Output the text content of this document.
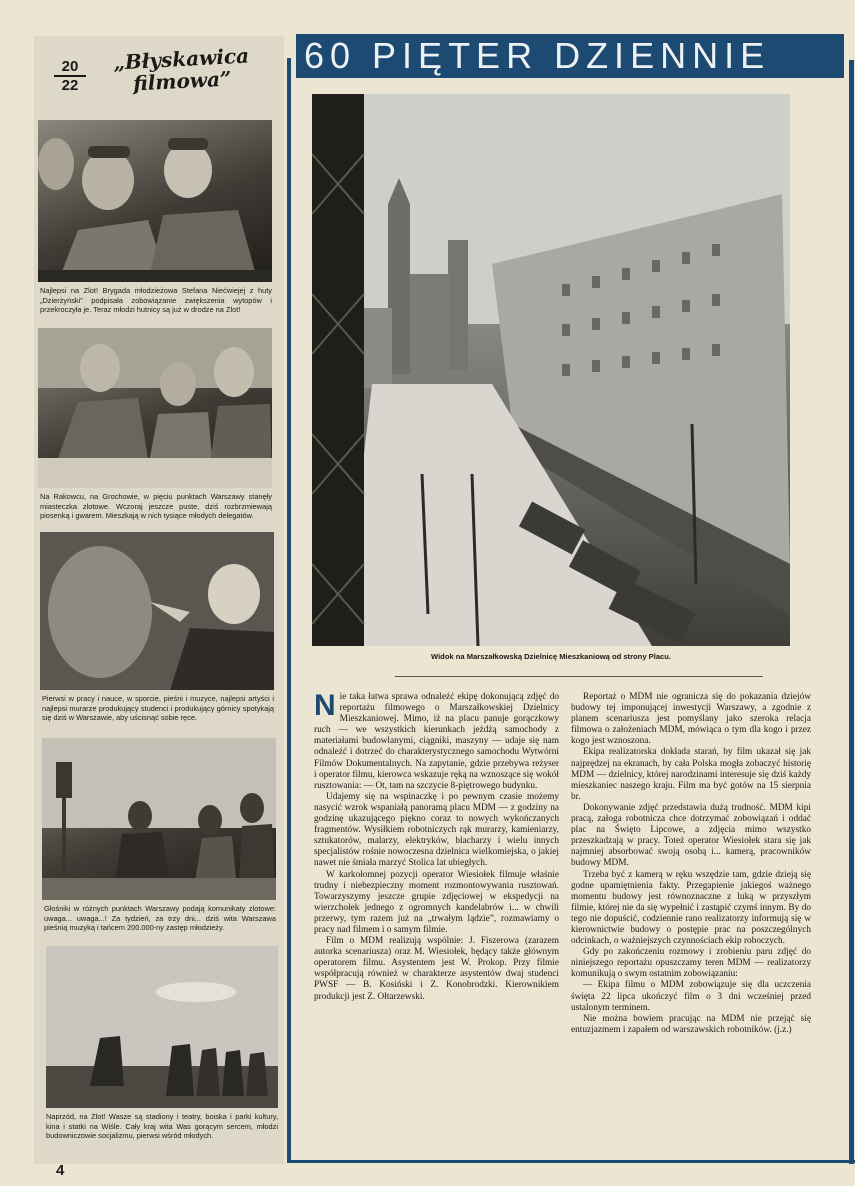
20
22
„Błyskawica filmowa”
Najlepsi na Zlot! Brygada młodzieżowa Stefana Niećwiejej z huty „Dzierżyński” podpisała zobowiązanie zwiększenia wytopów i przekroczyła je. Teraz młodzi hutnicy są już w drodze na Zlot!
Na Rakowcu, na Grochowie, w pięciu punktach Warszawy stanęły miasteczka zlotowe. Wczoraj jeszcze puste, dziś rozbrzmiewają piosenką i gwarem. Mieszkają w nich tysiące młodych delegatów.
Pierwsi w pracy i nauce, w sporcie, pieśni i muzyce, najlepsi artyści i najlepsi murarze produkujący studenci i produkujący górnicy spotykają się dziś w Warszawie, aby uścisnąć sobie ręce.
Głośniki w różnych punktach Warszawy podają komunikaty zlotowe: uwaga... uwaga...! Za tydzień, za trzy dni... dziś wita Warszawa pieśnią muzyką i tańcem 200.000-ny zastęp młodzieży.
Naprzód, na Zlot! Wasze są stadiony i teatry, boiska i parki kultury, kina i statki na Wiśle. Cały kraj wita Was gorącym sercem, młodzi budowniczowie socjalizmu, pierwsi wśród młodych.
60 PIĘTER DZIENNIE
Widok na Marszałkowską Dzielnicę Mieszkaniową od strony Placu.

Nie taka łatwa sprawa odnaleźć ekipę dokonującą zdjęć do reportażu filmowego o Marszałkowskiej Dzielnicy Mieszkaniowej. Mimo, iż na placu panuje gorączkowy ruch — we wszystkich kierunkach jeżdżą samochody z materiałami budowlanymi, ciągniki, maszyny — udaje się nam odnaleźć i dotrzeć do charakterystycznego samochodu Wytwórni Filmów Dokumentalnych. Na zapytanie, gdzie przebywa reżyser i operator filmu, kierowca wskazuje ręką na wznoszące się wokół rusztowania: — Ot, tam na szczycie 8-piętrowego budynku.

Udajemy się na wspinaczkę i po pewnym czasie możemy nasycić wzrok wspaniałą panoramą placu MDM — z godziny na godzinę ukazującego piękno coraz to nowych wykończanych fragmentów. Wysiłkiem robotniczych rąk murarzy, kamieniarzy, sztukatorów, malarzy, elektryków, blacharzy i wielu innych specjalistów rośnie nowoczesna dzielnica wielkomiejska, o jakiej nawet nie śmiała marzyć Stolica lat ubiegłych.

W karkołomnej pozycji operator Wiesiołek filmuje właśnie trudny i niebezpieczny moment rozmontowywania rusztowań. Towarzyszymy jeszcze grupie zdjęciowej w ekspedycji na wierzchołek jednego z ogromnych kandelabrów i... w chwili przerwy, tym razem już na „trwałym lądzie”, rozmawiamy o pracy nad filmem i o samym filmie.

Film o MDM realizują wspólnie: J. Fiszerowa (zarazem autorka scenariusza) oraz M. Wiesiołek, będący także głównym operatorem filmu. Asystentem jest W. Prokop. Przy filmie współpracują również w charakterze asystentów dwaj studenci PWSF — B. Kosiński i Z. Konobrodzki. Kierownikiem produkcji jest Z. Ołtarzewski.

Reportaż o MDM nie ogranicza się do pokazania dziejów budowy tej imponującej inwestycji Warszawy, a zgodnie z planem scenariusza jest pomyślany jako szeroka relacja filmowa o założeniach MDM, mówiąca o tym dla kogo i przez kogo jest wznoszona.

Ekipa realizatorska dokłada starań, by film ukazał się jak najprędzej na ekranach, by cała Polska mogła zobaczyć historię MDM — dzielnicy, której narodzinami interesuje się dziś każdy mieszkaniec naszego kraju. Film ma być gotów na 15 sierpnia br.

Dokonywanie zdjęć przedstawia dużą trudność. MDM kipi pracą, załoga robotnicza chce dotrzymać zobowiązań i oddać plac na Święto Lipcowe, a zdjęcia mimo wszystko przeszkadzają w pracy. Toteż operator Wiesiołek stara się jak najmniej absorbować swoją osobą i... kamerą, pracowników budowy MDM.

Trzeba być z kamerą w ręku wszędzie tam, gdzie dzieją się godne upamiętnienia fakty. Przegapienie jakiegoś ważnego momentu budowy jest równoznaczne z luką w przyszłym filmie, której nie da się wypełnić i zastąpić czymś innym. By do tego nie dopuścić, codziennie rano realizatorzy informują się w kierownictwie budowy o postępie prac na poszczególnych odcinkach, o ważniejszych czynnościach ekip roboczych.

Gdy po zakończeniu rozmowy i zrobieniu paru zdjęć do niniejszego reportażu opuszczamy teren MDM — realizatorzy komunikują o swym ostatnim zobowiązaniu:

— Ekipa filmu o MDM zobowiązuje się dla uczczenia święta 22 lipca ukończyć film o 3 dni wcześniej przed ustalonym terminem.

Nie można bowiem pracując na MDM nie przejąć się entuzjazmem i zapałem od warszawskich robotników. (j.z.)

4
